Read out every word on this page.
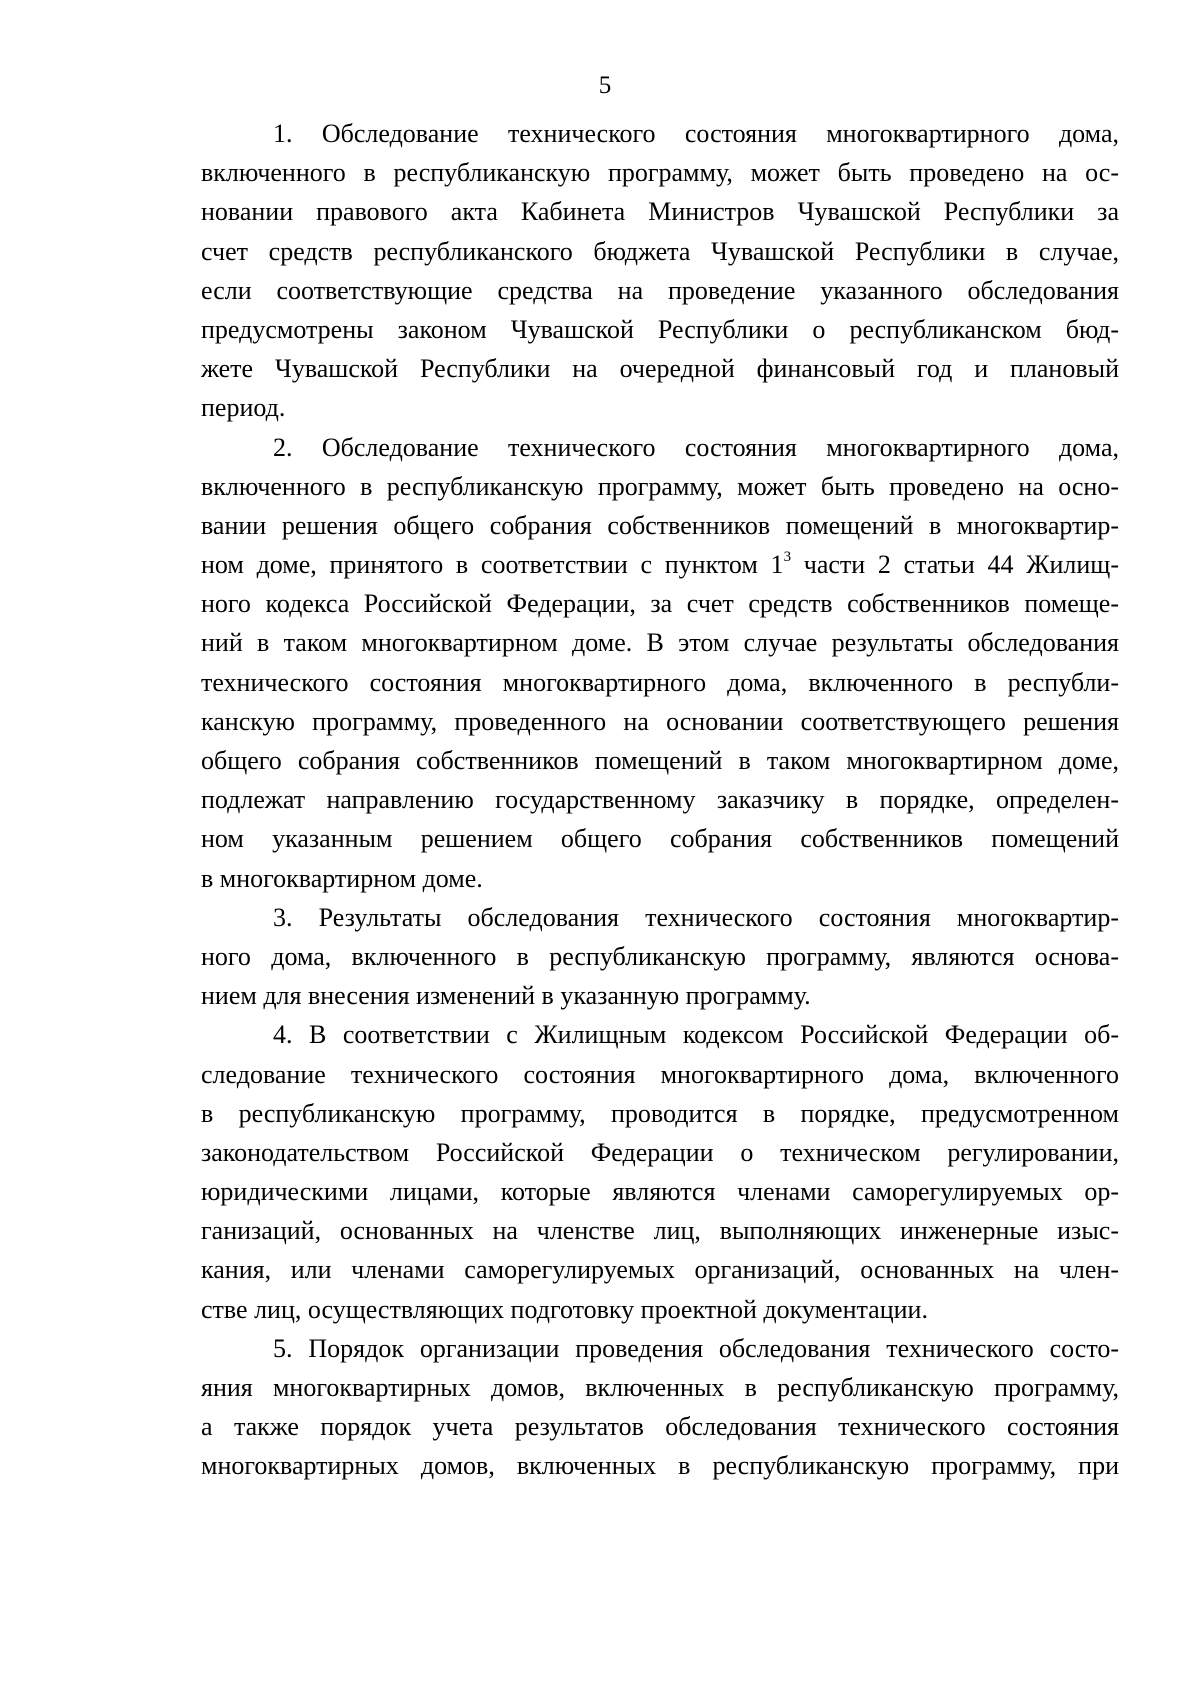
5
1. Обследование технического состояния многоквартирного дома,
включенного в республиканскую программу, может быть проведено на ос-
новании правового акта Кабинета Министров Чувашской Республики за
счет средств республиканского бюджета Чувашской Республики в случае,
если соответствующие средства на проведение указанного обследования
предусмотрены законом Чувашской Республики о республиканском бюд-
жете Чувашской Республики на очередной финансовый год и плановый
период.
2. Обследование технического состояния многоквартирного дома,
включенного в республиканскую программу, может быть проведено на осно-
вании решения общего собрания собственников помещений в многоквартир-
ном доме, принятого в соответствии с пунктом $1^3$ части 2 статьи 44 Жилищ-
ного кодекса Российской Федерации, за счет средств собственников помеще-
ний в таком многоквартирном доме. В этом случае результаты обследования
технического состояния многоквартирного дома, включенного в республи-
канскую программу, проведенного на основании соответствующего решения
общего собрания собственников помещений в таком многоквартирном доме,
подлежат направлению государственному заказчику в порядке, определен-
ном указанным решением общего собрания собственников помещений
в многоквартирном доме.
3. Результаты обследования технического состояния многоквартир-
ного дома, включенного в республиканскую программу, являются основа-
нием для внесения изменений в указанную программу.
4. В соответствии с Жилищным кодексом Российской Федерации об-
следование технического состояния многоквартирного дома, включенного
в республиканскую программу, проводится в порядке, предусмотренном
законодательством Российской Федерации о техническом регулировании,
юридическими лицами, которые являются членами саморегулируемых ор-
ганизаций, основанных на членстве лиц, выполняющих инженерные изыс-
кания, или членами саморегулируемых организаций, основанных на член-
стве лиц, осуществляющих подготовку проектной документации.
5. Порядок организации проведения обследования технического состо-
яния многоквартирных домов, включенных в республиканскую программу,
а также порядок учета результатов обследования технического состояния
многоквартирных домов, включенных в республиканскую программу, при
